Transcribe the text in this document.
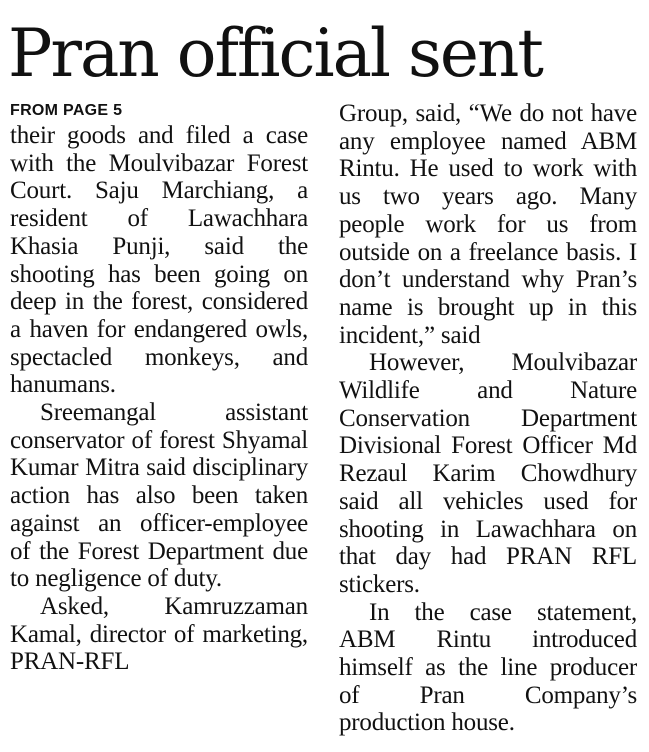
Pran official sent
FROM PAGE 5

their goods and filed a case with the Moulvibazar Forest Court. Saju Marchiang, a resident of Lawachhara Khasia Punji, said the shooting has been going on deep in the forest, considered a haven for endangered owls, spectacled monkeys, and hanumans.

Sreemangal assistant conservator of forest Shyamal Kumar Mitra said disciplinary action has also been taken against an officer-employee of the Forest Department due to negligence of duty.

Asked, Kamruzzaman Kamal, director of marketing, PRAN-RFL

Group, said, “We do not have any employee named ABM Rintu. He used to work with us two years ago. Many people work for us from outside on a freelance basis. I don’t understand why Pran’s name is brought up in this incident,” said

However, Moulvibazar Wildlife and Nature Conservation Department Divisional Forest Officer Md Rezaul Karim Chowdhury said all vehicles used for shooting in Lawachhara on that day had PRAN RFL stickers.

In the case statement, ABM Rintu introduced himself as the line producer of Pran Company’s production house.
